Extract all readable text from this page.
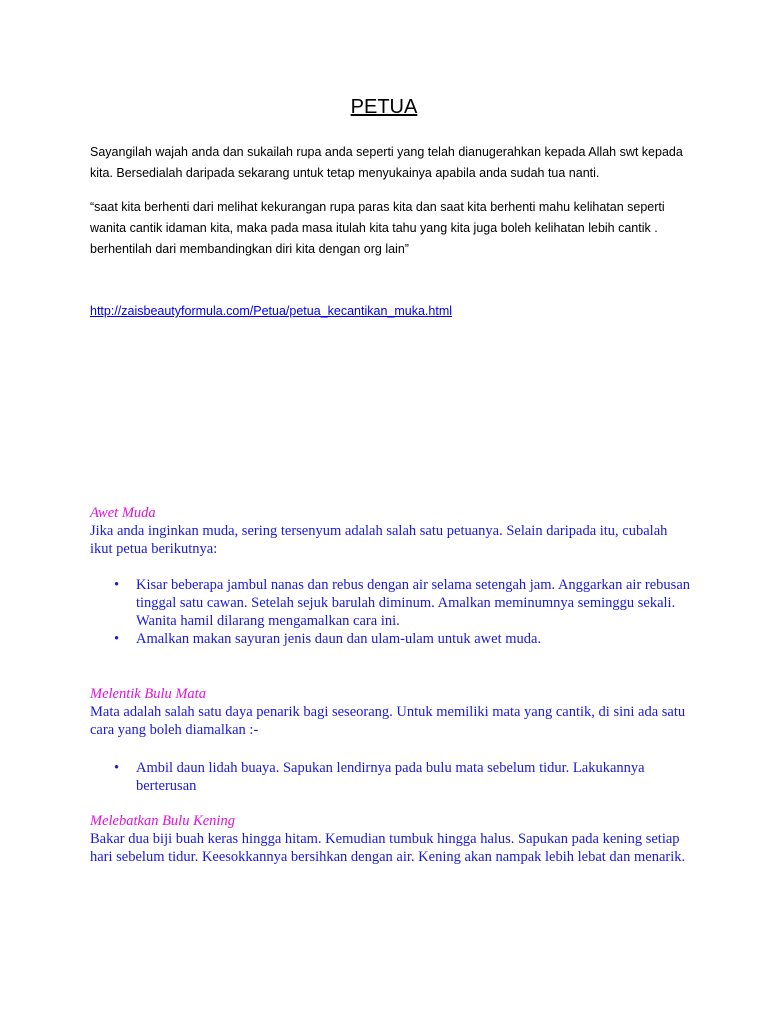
PETUA
Sayangilah wajah anda dan sukailah rupa anda seperti yang telah dianugerahkan kepada Allah swt kepada kita. Bersedialah daripada sekarang untuk tetap menyukainya apabila anda sudah tua nanti.
“saat kita berhenti dari melihat kekurangan rupa paras kita dan saat kita berhenti mahu kelihatan seperti wanita cantik idaman kita, maka pada masa itulah kita tahu yang kita juga boleh kelihatan lebih cantik . berhentilah dari membandingkan diri kita dengan org lain”
http://zaisbeautyformula.com/Petua/petua_kecantikan_muka.html
Awet Muda
Jika anda inginkan muda, sering tersenyum adalah salah satu petuanya. Selain daripada itu, cubalah ikut petua berikutnya:
•
Kisar beberapa jambul nanas dan rebus dengan air selama setengah jam. Anggarkan air rebusan tinggal satu cawan. Setelah sejuk barulah diminum. Amalkan meminumnya seminggu sekali. Wanita hamil dilarang mengamalkan cara ini.
•
Amalkan makan sayuran jenis daun dan ulam-ulam untuk awet muda.
Melentik Bulu Mata
Mata adalah salah satu daya penarik bagi seseorang. Untuk memiliki mata yang cantik, di sini ada satu cara yang boleh diamalkan :-
•
Ambil daun lidah buaya. Sapukan lendirnya pada bulu mata sebelum tidur. Lakukannya berterusan
Melebatkan Bulu Kening
Bakar dua biji buah keras hingga hitam. Kemudian tumbuk hingga halus. Sapukan pada kening setiap hari sebelum tidur. Keesokkannya bersihkan dengan air. Kening akan nampak lebih lebat dan menarik.
